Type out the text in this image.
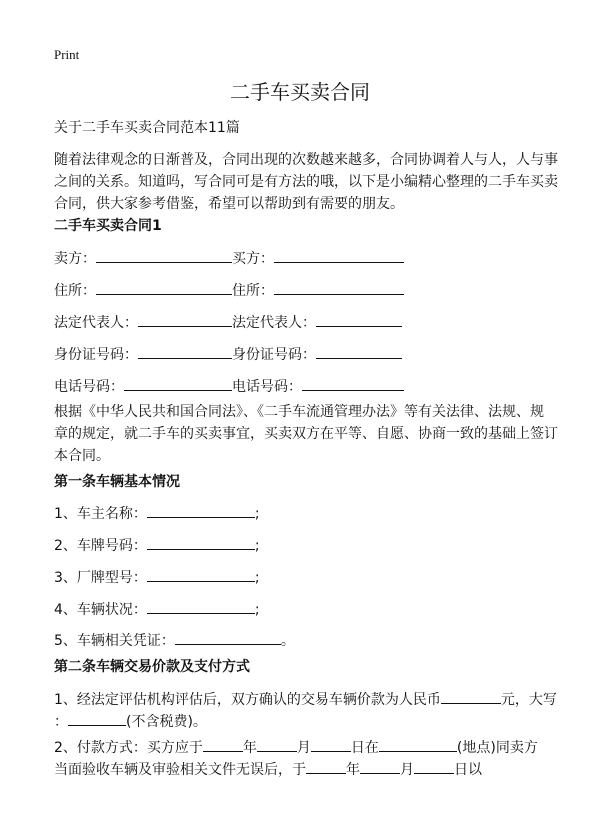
Print
二手车买卖合同
关于二手车买卖合同范本11篇
随着法律观念的日渐普及，合同出现的次数越来越多，合同协调着人与人，人与事
之间的关系。知道吗，写合同可是有方法的哦，以下是小编精心整理的二手车买卖
合同，供大家参考借鉴，希望可以帮助到有需要的朋友。
二手车买卖合同1
卖方：	买方：
住所：	住所：
法定代表人：	法定代表人：
身份证号码：	身份证号码：
电话号码：	电话号码：
根据《中华人民共和国合同法》、《二手车流通管理办法》等有关法律、法规、规
章的规定，就二手车的买卖事宜，买卖双方在平等、自愿、协商一致的基础上签订
本合同。
第一条车辆基本情况
1、车主名称：	;
2、车牌号码：	;
3、厂牌型号：	;
4、车辆状况：	;
5、车辆相关凭证：	。
第二条车辆交易价款及支付方式
1、经法定评估机构评估后，双方确认的交易车辆价款为人民币	元，大写
：	(不含税费)。
2、付款方式：买方应于	年	月	日在	(地点)同卖方
当面验收车辆及审验相关文件无误后，于	年	月	日以
